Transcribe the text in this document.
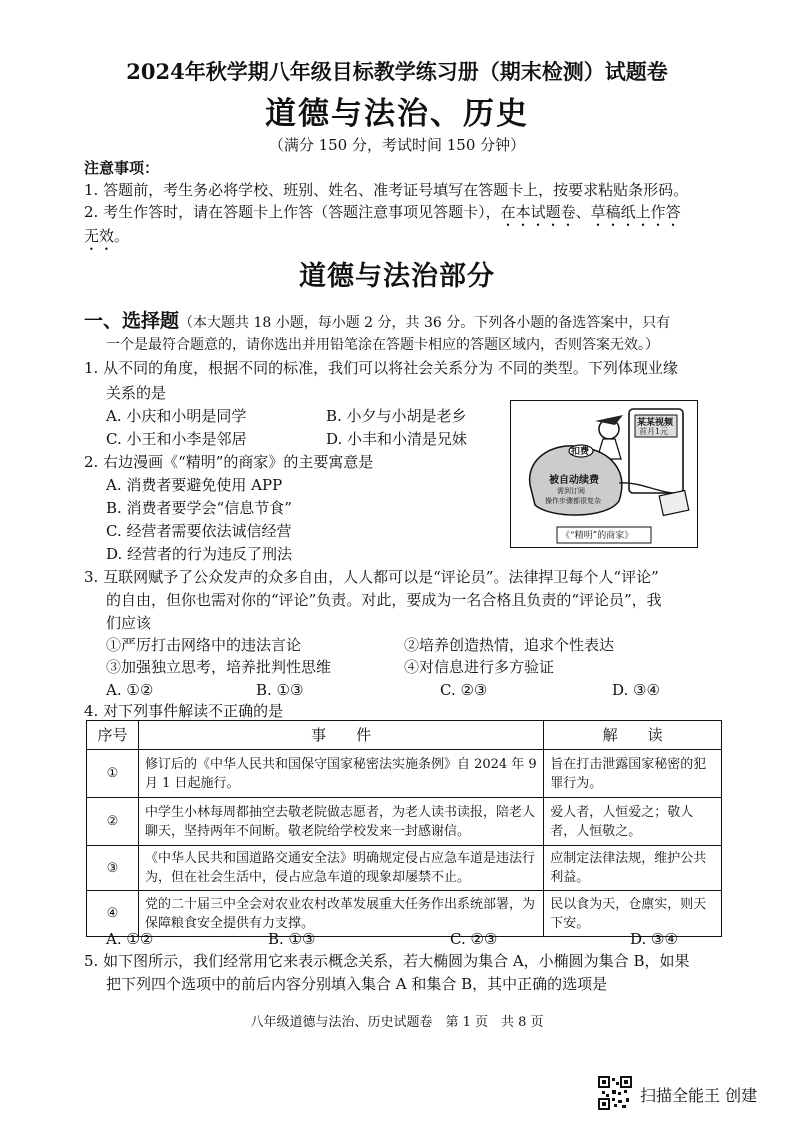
2024年秋学期八年级目标教学练习册（期末检测）试题卷
道德与法治、历史
（满分 150 分，考试时间 150 分钟）
注意事项：
1. 答题前，考生务必将学校、班别、姓名、准考证号填写在答题卡上，按要求粘贴条形码。
2. 考生作答时，请在答题卡上作答（答题注意事项见答题卡），在本试题卷、草稿纸上作答
无效。
道德与法治部分
一、选择题（本大题共 18 小题，每小题 2 分，共 36 分。下列各小题的备选答案中，只有
一个是最符合题意的，请你选出并用铅笔涂在答题卡相应的答题区域内，否则答案无效。）
1. 从不同的角度，根据不同的标准，我们可以将社会关系分为 不同的类型。下列体现业缘
关系的是
A. 小庆和小明是同学	B. 小夕与小胡是老乡
C. 小王和小李是邻居	D. 小丰和小清是兄妹
2. 右边漫画《“精明”的商家》的主要寓意是
A. 消费者要避免使用 APP
B. 消费者要学会“信息节食”
C. 经营者需要依法诚信经营
D. 经营者的行为违反了刑法
某某视频
首月1元
扣费
被自动续费
需到订阅
操作步骤都很复杂
《“精明”的商家》
3. 互联网赋予了公众发声的众多自由，人人都可以是“评论员”。法律捍卫每个人“评论”
的自由，但你也需对你的“评论”负责。对此，要成为一名合格且负责的“评论员”，我
们应该
①严厉打击网络中的违法言论	②培养创造热情，追求个性表达
③加强独立思考，培养批判性思维	④对信息进行多方验证
A. ①②	B. ①③	C. ②③	D. ③④
4. 对下列事件解读不正确的是
序号	事　　件	解　　读
①	修订后的《中华人民共和国保守国家秘密法实施条例》自 2024 年 9 月 1 日起施行。	旨在打击泄露国家秘密的犯罪行为。
②	中学生小林每周都抽空去敬老院做志愿者，为老人读书读报，陪老人聊天，坚持两年不间断。敬老院给学校发来一封感谢信。	爱人者，人恒爱之；敬人者，人恒敬之。
③	《中华人民共和国道路交通安全法》明确规定侵占应急车道是违法行为，但在社会生活中，侵占应急车道的现象却屡禁不止。	应制定法律法规，维护公共利益。
④	党的二十届三中全会对农业农村改革发展重大任务作出系统部署，为保障粮食安全提供有力支撑。	民以食为天，仓廪实，则天下安。
A. ①②	B. ①③	C. ②③	D. ③④
5. 如下图所示，我们经常用它来表示概念关系，若大椭圆为集合 A，小椭圆为集合 B，如果
把下列四个选项中的前后内容分别填入集合 A 和集合 B，其中正确的选项是
八年级道德与法治、历史试题卷　第 1 页　共 8 页
扫描全能王 创建
